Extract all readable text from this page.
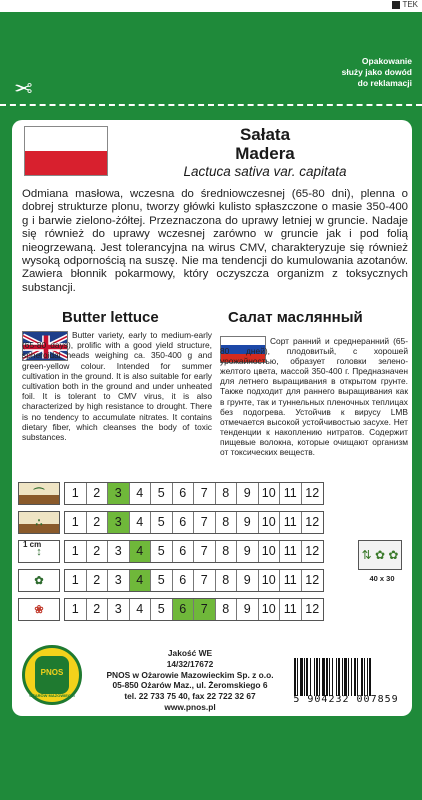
TEK
Opakowanie
służy jako dowód
do reklamacji
✂
Sałata
Madera
Lactuca sativa var. capitata
Odmiana masłowa, wczesna do średniowczesnej (65-80 dni), plenna o dobrej strukturze plonu, tworzy główki kulisto spłaszczone o masie 350-400 g i barwie zielono-żółtej. Przeznaczona do uprawy letniej w gruncie. Nadaje się również do uprawy wczesnej zarówno w gruncie jak i pod folią nieogrzewaną. Jest tolerancyjna na wirus CMV, charakteryzuje się również wysoką odpornością na suszę. Nie ma tendencji do kumulowania azotanów. Zawiera błonnik pokarmowy, który oczyszcza organizm z toksycznych substancji.
Butter lettuce	Салат маслянный
Butter variety, early to medium-early (65-80 days), prolific with a good yield structure, spheroidal heads weighing ca. 350-400 g and green-yellow colour. Intended for summer cultivation in the ground. It is also suitable for early cultivation both in the ground and under unheated foil. It is tolerant to CMV virus, it is also characterized by high resistance to drought. There is no tendency to accumulate nitrates. It contains dietary fiber, which cleanses the body of toxic substances.
Сорт ранний и среднеранний (65-80 дней), плодовитый, с хорошей урожайностью, образует головки зелено-желтого цвета, массой 350-400 г. Предназначен для летнего выращивания в открытом грунте. Также подходит для раннего выращивания как в грунте, так и туннельных пленочных теплицах без подогрева. Устойчив к вирусу LMB отмечается высокой устойчивостью засухе. Нет тенденции к накоплению нитратов. Содержит пищевые волокна, которые очищают организм от токсических веществ.
⌒	1	2	3	4	5	6	7	8	9 10 11 12
∴	1	2	3	4	5	6	7	8	9 10 11 12
↕	1	2	3	4	5	6	7	8	9 10 11 12
✿	1	2	3	4	5	6	7	8	9 10 11 12
❀	1	2	3	4	5	6	7	8	9 10 11 12
1 cm
⇅ ✿ ✿
40 x 30
PNOS
OŻARÓW MAZOWIECKI
Jakość WE
14/32/17672
PNOS w Ożarowie Mazowieckim Sp. z o.o.
05-850 Ożarów Maz., ul. Żeromskiego 6
tel. 22 733 75 40, fax 22 722 32 67
www.pnos.pl
5 904232 007859
